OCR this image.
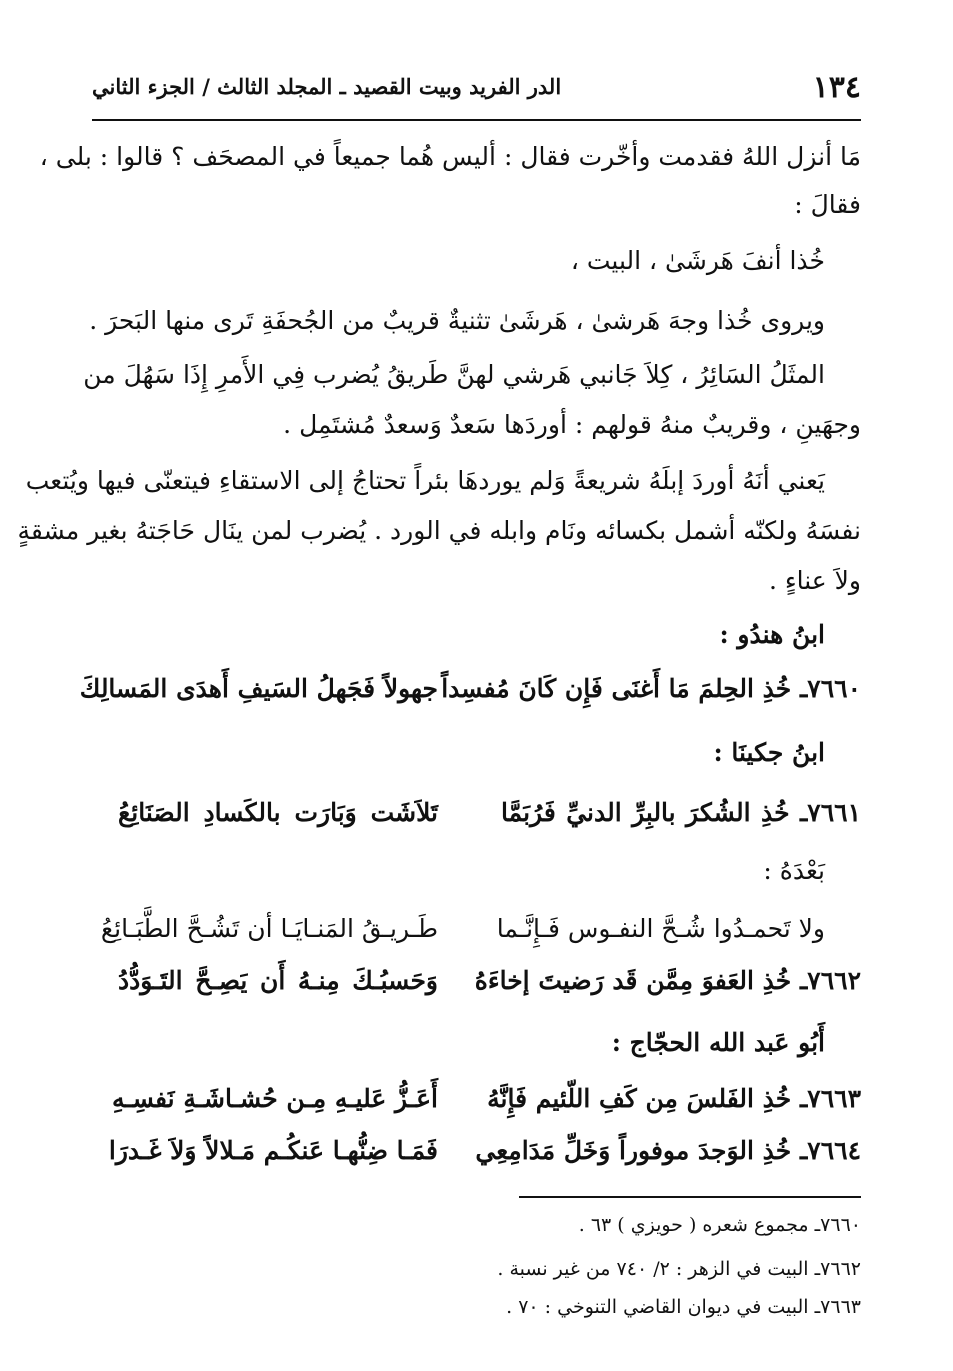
١٣٤
الدر الفريد وبيت القصيد ـ المجلد الثالث / الجزء الثاني
مَا أنزل اللهُ فقدمت وأخّرت فقال : أليس هُما جميعاً في المصحَف ؟ قالوا : بلى ،
فقالَ :
خُذا أنفَ هَرشَىٰ ، البيت ،
ويروى خُذا وجهَ هَرشىٰ ، هَرشَىٰ تثنيةٌ قريبٌ من الجُحفَةِ تَرى منها البَحرَ .
المثَلُ السَائِرُ ، كِلاَ جَانبي هَرشي لهنَّ طَريقُ يُضرب فِي الأَمرِ إِذَا سَهُلَ من
وجهَينِ ، وقريبٌ منهُ قولهم : أوردَها سَعدٌ وَسعدٌ مُشتَمِل .
يَعني أنَهُ أوردَ إبلَهُ شريعةً وَلم يوردهَا بئراً تحتاجُ إلى الاستقاءِ فيتعنّى فيها ويُتعب
نفسَهُ ولكنّه أشمل بكسائه ونَام وابله في الورد . يُضرب لمن ينَال حَاجَتهُ بغير مشقةٍ
ولاَ عناءٍ .
ابنُ هندُو :
٧٦٦٠ـ خُذِ الحِلمَ مَا أَغنَى فَإِن كَانَ مُفسِداً
جهولاً فَجَهلُ السَيفِ أَهدَى المَسالِكَ
ابنُ جكينَا :
٧٦٦١ـ خُذِ الشُكرَ بالبِرِّ الدنيِّ فَرُبَمَّا
تَلاَشَت وَبَارَت بالكَسادِ الصَنَائِعُ
بَعْدَهُ :
ولا تَحمـدُوا شُـحَّ النفـوس فَـإِنَّـما
طَـريـقُ المَنـايَـا أن تَشُـحَّ الطَّبَـائِعُ
٧٦٦٢ـ خُذِ العَفوَ مِمَّن قَد رَضيتَ إخاءَهُ
وَحَسبُـكَ مِنـهُ أَن يَصِـحَّ التَـوَدُّدُ
أَبُو عَبد الله الحجّاج :
٧٦٦٣ـ خُذِ الفَلسَ مِن كَفِ اللّئيم فَإِنَّهُ
أَعَـزُّ عَليـهِ مِـن حُشـاشَـةِ نَفسِـهِ
٧٦٦٤ـ خُذِ الوَجدَ موفوراً وَخَلِّ مَدَامِعِي
فَمَـا ضِنُّهـا عَنكُـم مَـلالاً وَلاَ غَـدرَا
٧٦٦٠ـ مجموع شعره ( حويزي ) ٦٣ .
٧٦٦٢ـ البيت في الزهر : ٢/ ٧٤٠ من غير نسبة .
٧٦٦٣ـ البيت في ديوان القاضي التنوخي : ٧٠ .
